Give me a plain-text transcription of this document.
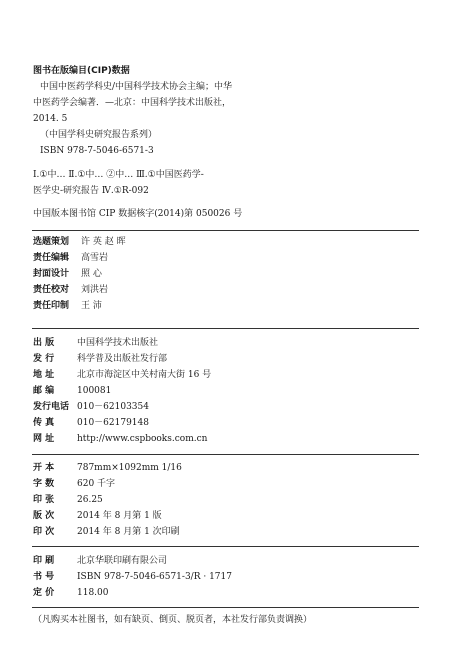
图书在版编目(CIP)数据
中国中医药学科史/中国科学技术协会主编；中华
中医药学会编著．—北京：中国科学技术出版社，
2014. 5
（中国学科史研究报告系列）
ISBN 978-7-5046-6571-3
Ⅰ.①中… Ⅱ.①中… ②中… Ⅲ.①中国医药学-
医学史-研究报告 Ⅳ.①R-092
中国版本图书馆 CIP 数据核字(2014)第 050026 号
选题策划 许 英 赵 晖
责任编辑 高雪岩
封面设计 照 心
责任校对 刘洪岩
责任印制 王 沛
出 版	中国科学技术出版社
发 行	科学普及出版社发行部
地 址	北京市海淀区中关村南大街 16 号
邮 编	100081
发行电话 010－62103354
传 真	010－62179148
网 址	http://www.cspbooks.com.cn
开 本	787mm×1092mm 1/16
字 数	620 千字
印 张	26.25
版 次	2014 年 8 月第 1 版
印 次	2014 年 8 月第 1 次印刷
印 刷	北京华联印刷有限公司
书 号	ISBN 978-7-5046-6571-3/R · 1717
定 价	118.00
（凡购买本社图书，如有缺页、倒页、脱页者，本社发行部负责调换）
